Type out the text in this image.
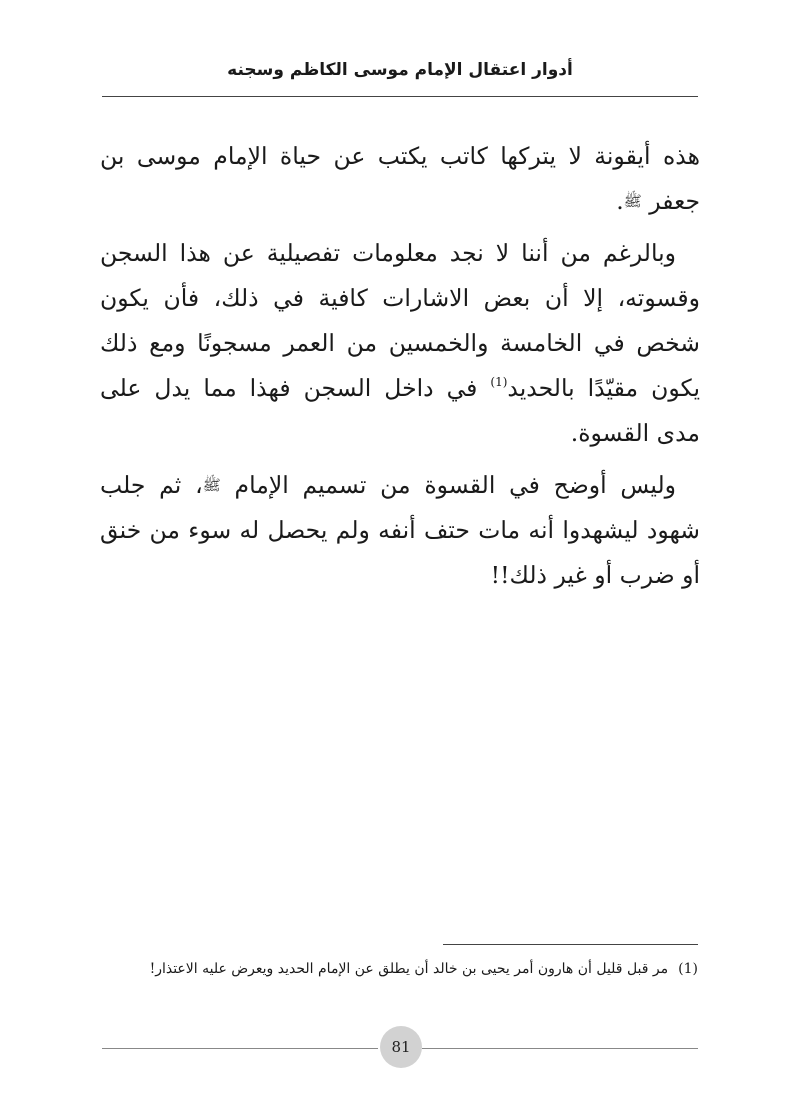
أدوار اعتقال الإمام موسى الكاظم وسجنه

هذه أيقونة لا يتركها كاتب يكتب عن حياة الإمام موسى بن جعفر ﷺ.

وبالرغم من أننا لا نجد معلومات تفصيلية عن هذا السجن وقسوته، إلا أن بعض الاشارات كافية في ذلك، فأن يكون شخص في الخامسة والخمسين من العمر مسجونًا ومع ذلك يكون مقيّدًا بالحديد$^{(1)}$ في داخل السجن فهذا مما يدل على مدى القسوة.

وليس أوضح في القسوة من تسميم الإمام ﷺ، ثم جلب شهود ليشهدوا أنه مات حتف أنفه ولم يحصل له سوء من خنق أو ضرب أو غير ذلك!!

(1)مر قبل قليل أن هارون أمر يحيى بن خالد أن يطلق عن الإمام الحديد ويعرض عليه الاعتذار!
81
